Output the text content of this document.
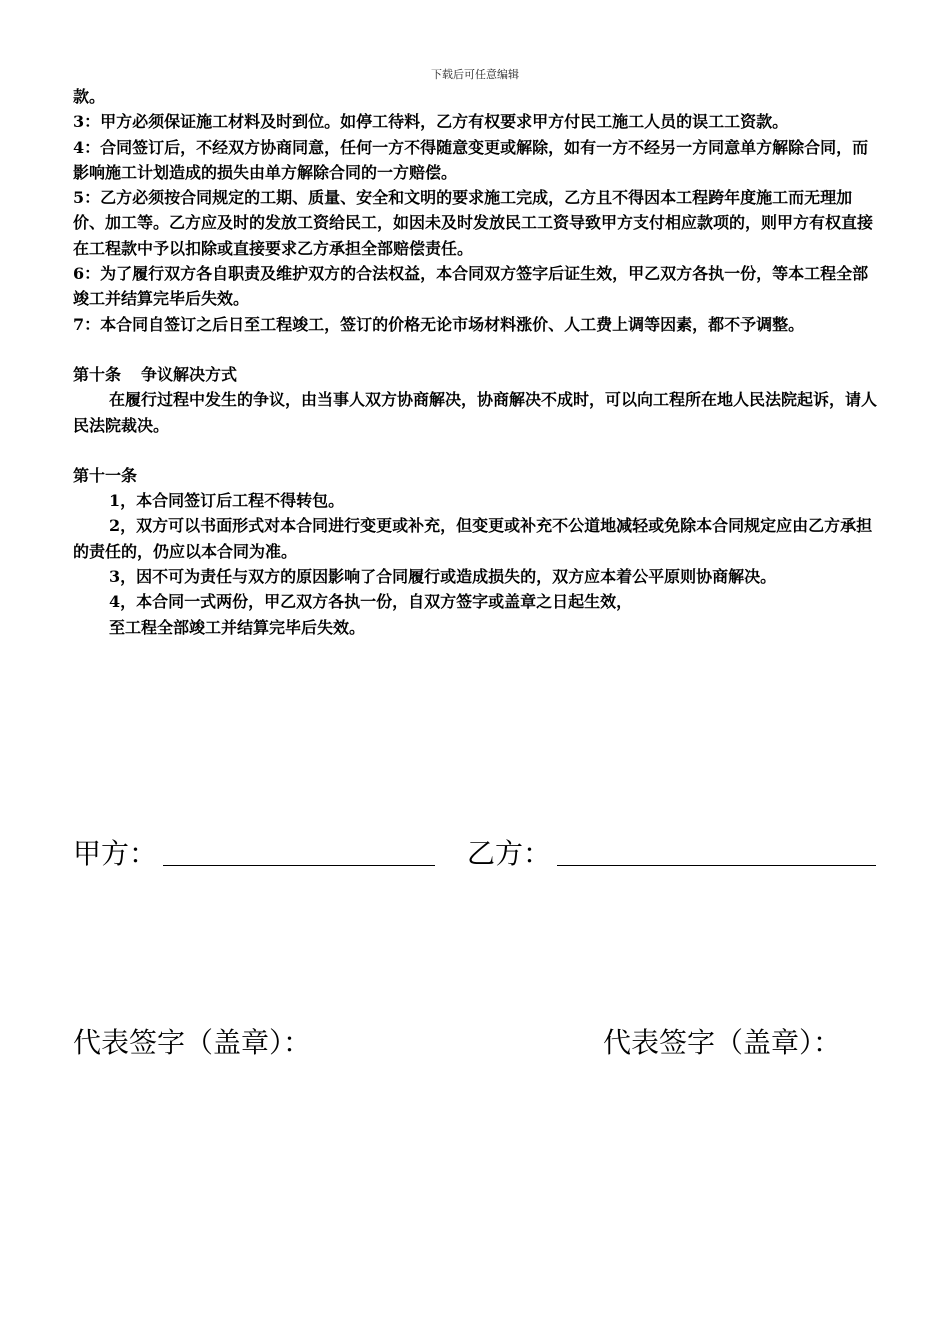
下载后可任意编辑

款。

3：甲方必须保证施工材料及时到位。如停工待料，乙方有权要求甲方付民工施工人员的误工工资款。

4：合同签订后，不经双方协商同意，任何一方不得随意变更或解除，如有一方不经另一方同意单方解除合同，而影响施工计划造成的损失由单方解除合同的一方赔偿。

5：乙方必须按合同规定的工期、质量、安全和文明的要求施工完成，乙方且不得因本工程跨年度施工而无理加价、加工等。乙方应及时的发放工资给民工，如因未及时发放民工工资导致甲方支付相应款项的，则甲方有权直接在工程款中予以扣除或直接要求乙方承担全部赔偿责任。

6：为了履行双方各自职责及维护双方的合法权益，本合同双方签字后证生效，甲乙双方各执一份，等本工程全部竣工并结算完毕后失效。

7：本合同自签订之后日至工程竣工，签订的价格无论市场材料涨价、人工费上调等因素，都不予调整。

第十条 争议解决方式

在履行过程中发生的争议，由当事人双方协商解决，协商解决不成时，可以向工程所在地人民法院起诉，请人民法院裁决。

第十一条

1，本合同签订后工程不得转包。

2，双方可以书面形式对本合同进行变更或补充，但变更或补充不公道地减轻或免除本合同规定应由乙方承担的责任的，仍应以本合同为准。

3，因不可为责任与双方的原因影响了合同履行或造成损失的，双方应本着公平原则协商解决。

4，本合同一式两份，甲乙双方各执一份，自双方签字或盖章之日起生效，

至工程全部竣工并结算完毕后失效。

甲方：	乙方：
代表签字（盖章）：	代表签字（盖章）：
